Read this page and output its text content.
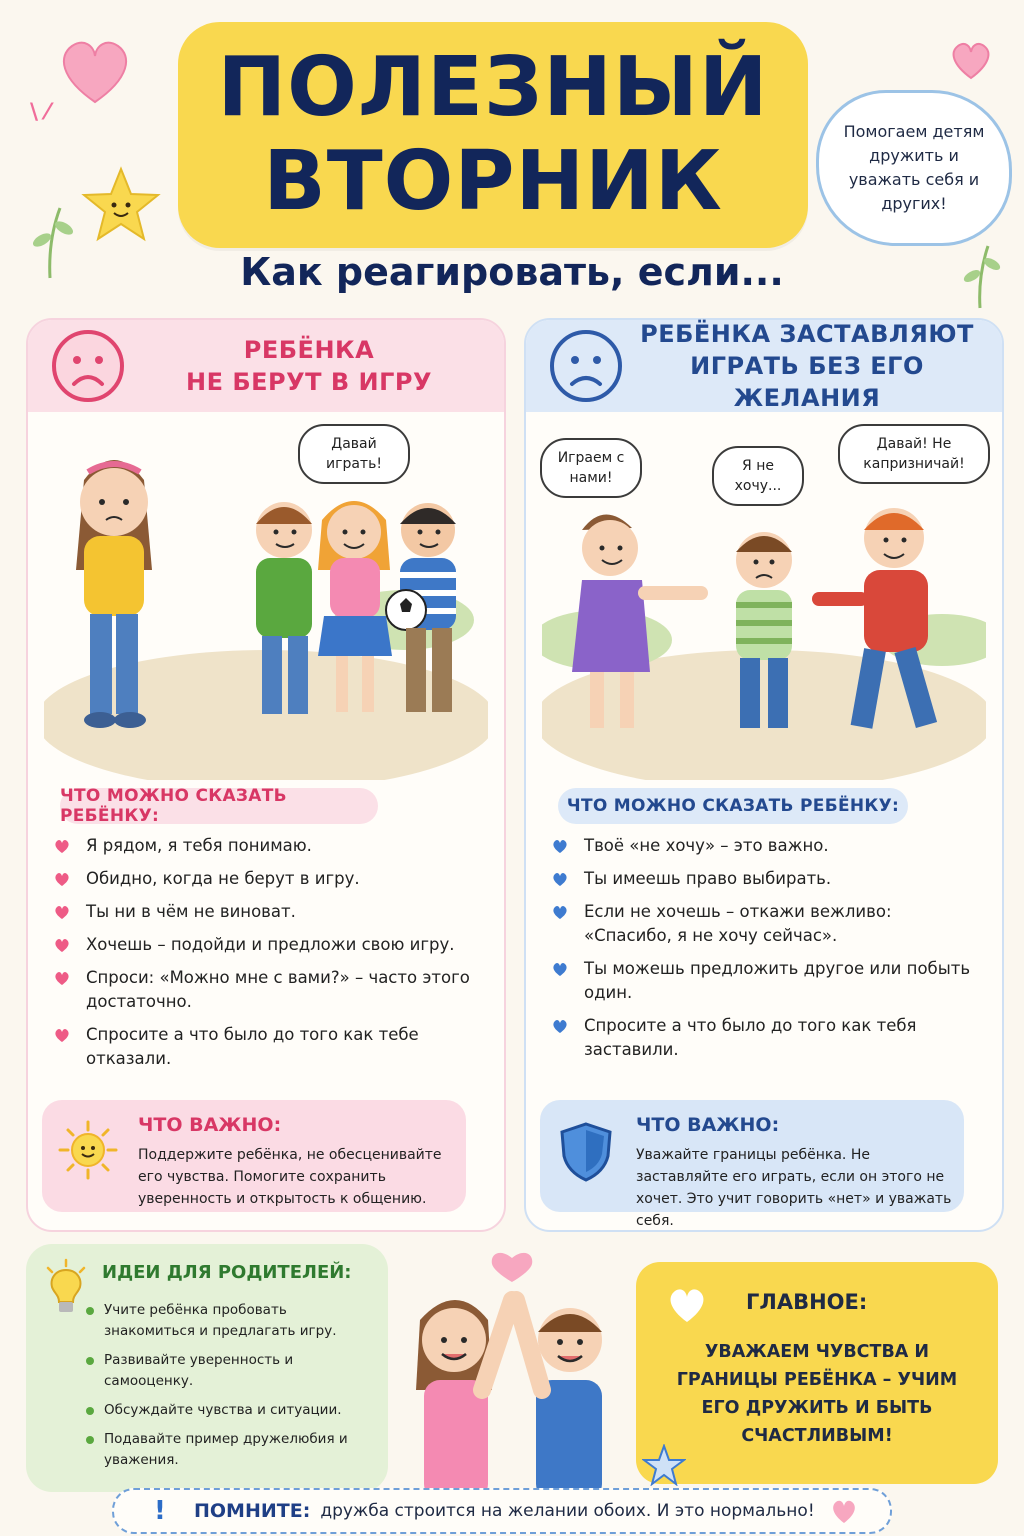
\ ⁄ ПОЛЕЗНЫЙ
ВТОРНИК
Помогаем детям дружить и уважать себя и других!
Как реагировать, если...
РЕБЁНКА
НЕ БЕРУТ В ИГРУ
Давай играть!
ЧТО МОЖНО СКАЗАТЬ РЕБЁНКУ:
Я рядом, я тебя понимаю.
Обидно, когда не берут в игру.
Ты ни в чём не виноват.
Хочешь – подойди и предложи свою игру.
Спроси: «Можно мне с вами?» – часто этого достаточно.
Спросите а что было до того как тебе отказали.
ЧТО ВАЖНО:
Поддержите ребёнка, не обесценивайте его чувства. Помогите сохранить уверенность и открытость к общению.
РЕБЁНКА ЗАСТАВЛЯЮТ
ИГРАТЬ БЕЗ ЕГО ЖЕЛАНИЯ
Играем с нами!
Я не хочу...
Давай! Не капризничай!
ЧТО МОЖНО СКАЗАТЬ РЕБЁНКУ:
Твоё «не хочу» – это важно.
Ты имеешь право выбирать.
Если не хочешь – откажи вежливо: «Спасибо, я не хочу сейчас».
Ты можешь предложить другое или побыть один.
Спросите а что было до того как тебя заставили.
ЧТО ВАЖНО:
Уважайте границы ребёнка. Не заставляйте его играть, если он этого не хочет. Это учит говорить «нет» и уважать себя.
ИДЕИ ДЛЯ РОДИТЕЛЕЙ:
Учите ребёнка пробовать знакомиться и предлагать игру.
Развивайте уверенность и самооценку.
Обсуждайте чувства и ситуации.
Подавайте пример дружелюбия и уважения.
ГЛАВНОЕ:
УВАЖАЕМ ЧУВСТВА И ГРАНИЦЫ РЕБЁНКА – УЧИМ ЕГО ДРУЖИТЬ И БЫТЬ СЧАСТЛИВЫМ!
!	ПОМНИТЕ: дружба строится на желании обоих. И это нормально!
